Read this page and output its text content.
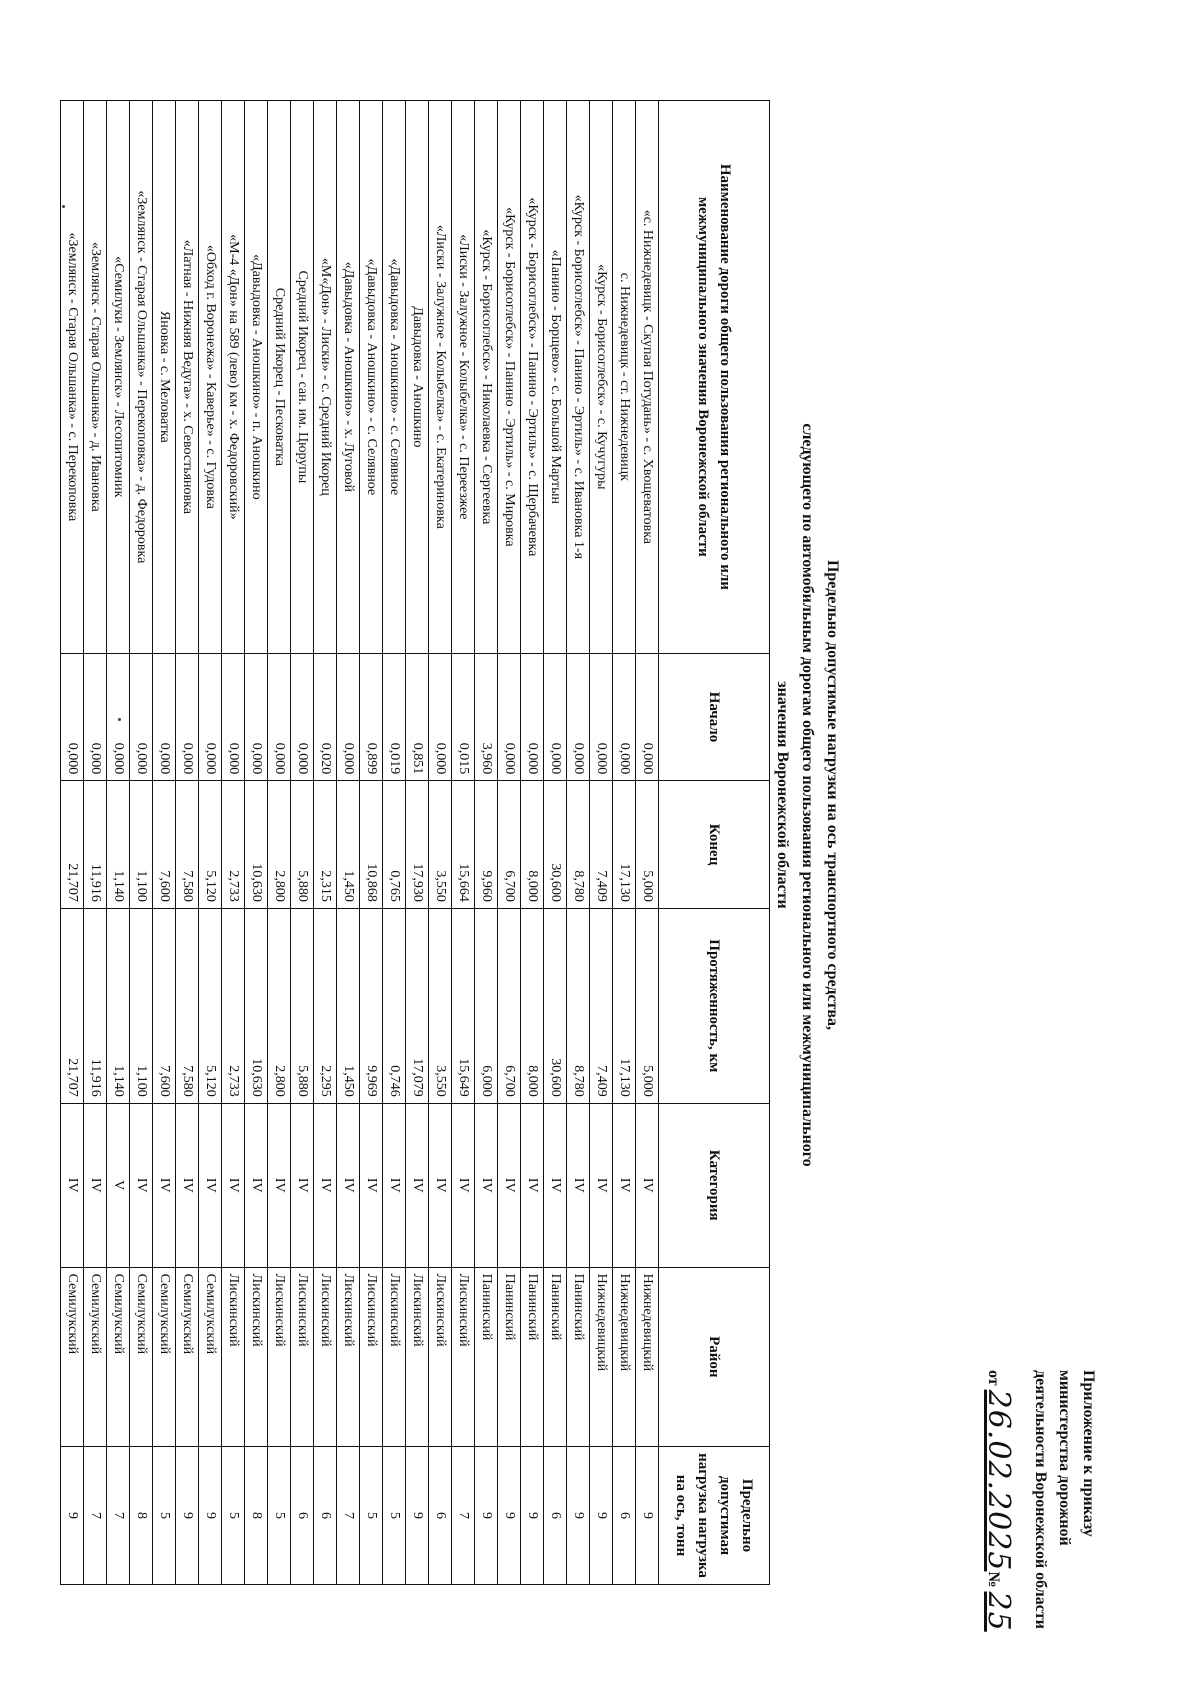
Приложение к приказу
министерства дорожной
деятельности Воронежской области
от 26.02.2025№ 25
Предельно допустимые нагрузки на ось транспортного средства,
следующего по автомобильным дорогам общего пользования регионального или межмуниципального
значения Воронежской области
Наименование дороги общего пользования регионального или межмуниципального значения Воронежской области	Начало	Конец	Протяженность, км	Категория	Район	Предельно допустимая нагрузка нагрузка на ось, тонн
«с. Нижнедевицк - Скупая Потудань» - с. Хвощеватовка	0,000	5,000	5,000	IV	Нижнедевицкий	9
с. Нижнедевицк - ст. Нижнедевицк	0,000	17,130	17,130	IV	Нижнедевицкий	6
«Курск - Борисоглебск» - с. Кучугуры	0,000	7,409	7,409	IV	Нижнедевицкий	9
«Курск - Борисоглебск» - Панино - Эртиль» - с. Ивановка 1-я	0,000	8,780	8,780	IV	Панинский	9
«Панино - Борщево» - с. Большой Мартын	0,000	30,600	30,600	IV	Панинский	6
«Курск - Борисоглебск» - Панино - Эртиль» - с. Щербачевка	0,000	8,000	8,000	IV	Панинский	9
«Курск - Борисоглебск» - Панино - Эртиль» - с. Мировка	0,000	6,700	6,700	IV	Панинский	9
«Курск - Борисоглебск» - Николаевка - Сергеевка	3,960	9,960	6,000	IV	Панинский	9
«Лиски - Залужное - Колыбелка» - с. Переезжее	0,015	15,664	15,649	IV	Лискинский	7
«Лиски - Залужное - Колыбелка» - с. Екатериновка	0,000	3,550	3,550	IV	Лискинский	6
Давыдовка - Аношкино	0,851	17,930	17,079	IV	Лискинский	9
«Давыдовка - Аношкино» - с. Селявное	0,019	0,765	0,746	IV	Лискинский	5
«Давыдовка - Аношкино» - с. Селявное	0,899	10,868	9,969	IV	Лискинский	5
«Давыдовка - Аношкино» - х. Луговой	0,000	1,450	1,450	IV	Лискинский	7
«М«Дон» - Лиски» - с. Средний Икорец	0,020	2,315	2,295	IV	Лискинский	6
Средний Икорец - сан. им. Цюрупы	0,000	5,880	5,880	IV	Лискинский	6
Средний Икорец - Песковатка	0,000	2,800	2,800	IV	Лискинский	5
«Давыдовка - Аношкино» - п. Аношкино	0,000	10,630	10,630	IV	Лискинский	8
«М-4 «Дон» на 589 (лево) км - х. Федоровский»	0,000	2,733	2,733	IV	Лискинский	5
«Обход г. Воронежа» - Каверье» - с. Гудовка	0,000	5,120	5,120	IV	Семилукский	9
«Латная - Нижняя Ведуга» - х. Севостьяновка	0,000	7,580	7,580	IV	Семилукский	9
Яновка - с. Меловатка	0,000	7,600	7,600	IV	Семилукский	5
«Землянск - Старая Ольшанка» - Перекоповка» - д. Федоровка	0,000	1,100	1,100	IV	Семилукский	8
«Семилуки - Землянск» - Лесопитомник	0,000	1,140	1,140	V	Семилукский	7
«Землянск - Старая Ольшанка» - д. Ивановка	0,000	11,916	11,916	IV	Семилукский	7
«Землянск - Старая Ольшанка» - с. Перекоповка	0,000	21,707	21,707	IV	Семилукский	9
